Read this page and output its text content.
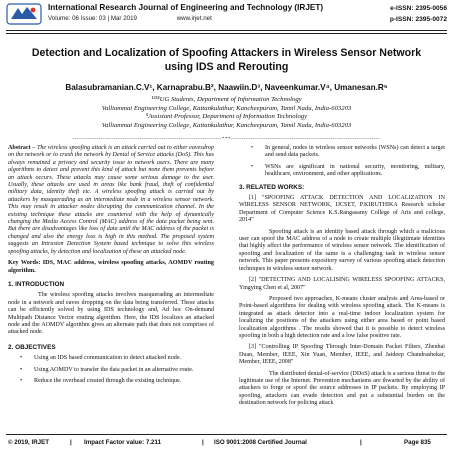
International Research Journal of Engineering and Technology (IRJET)
Volume: 06 Issue: 03 | Mar 2019	www.irjet.net
e-ISSN: 2395-0056
p-ISSN: 2395-0072
Detection and Localization of Spoofing Attackers in Wireless Sensor Network using IDS and Rerouting
Balasubramanian.C.V¹, Karnaprabu.B², Naawiin.D³, Naveenkumar.V⁴, Umanesan.R⁵
¹²³⁴UG Students, Department of Information Technology
Valliammai Engineering College, Kattankulathur, Kancheepuram, Tamil Nadu, India-603203
⁵Assistant Professor, Department of Information Technology
Valliammai Engineering College, Kattankulathur, Kancheepuram, Tamil Nadu, India-603203
---------------------------------------------------------------------***---------------------------------------------------------------------
Abstract – The wireless spoofing attack is an attack carried out to either eavesdrop on the network or to crash the network by Denial of Service attacks (DoS). This has always remained a privacy and security issue to network users. There are many algorithms to detect and prevent this kind of attack but none them prevents before an attack occurs. These attacks may cause some serious damage to the user. Usually, these attacks are used in areas like bank fraud, theft of confidential military data, identity theft etc. A wireless spoofing attack is carried out by attackers by masquerading as an intermediate node in a wireless sensor network. This may result in attacker nodes disrupting the communication channel. In the existing technique these attacks are countered with the help of dynamically changing the Media Access Control (MAC) address of the data packet being sent. But there are disadvantages like loss of data until the MAC address of the packet is changed and also the energy loss is high in this method. The proposed system suggests an Intrusion Detection System based technique to solve this wireless spoofing attacks, by detection and localization of these an attacked node.
Key Words: IDS, MAC address, wireless spoofing attacks, AOMDV routing algorithm.
1. INTRODUCTION
The wireless spoofing attacks involves masquerading an intermediate node in a network and eaves dropping on the data being transferred. These attacks can be efficiently solved by using IDS technology and, Ad hoc On-demand Multipath Distance Vector routing algorithm. Here, the IDS localizes an attacked node and the AOMDV algorithm gives an alternate path that does not comprises of attacked node.
2. OBJECTIVES
• Using an IDS based communication to detect attacked node.
• Using AOMDV to transfer the data packet in an alternative route.
• Reduce the overhead created through the existing technique.
• In general, nodes in wireless sensor networks (WSNs) can detect a target and send data packets.
• WSNs are significant in national security, monitoring, military, healthcare, environment, and other applications.
3. RELATED WORKS:
[1] "SPOOFING ATTACK DETECTION AND LOCALIZATION IN WIRELESS SENSOR NETWORK, IJCSET, P.KIRUTHIKA Research scholar Department of Computer Science K.S.Rangasamy College of Arts and college, 2014"
Spoofing attack is an identity based attack through which a malicious user can spoof the MAC address of a node to create multiple illegitimate identities that highly affect the performance of wireless sensor network. The identification of spoofing and localization of the same is a challenging task in wireless sensor network. This paper presents expository survey of various spoofing attack detection techniques in wireless sensor network.
[2] "DETECTING AND LOCALISING WIRELESS SPOOFING ATTACKS, Yingying Chen et al, 2007"
Proposed two approaches, K-means cluster analysis and Area-based or Point-based algorithms for dealing with wireless spoofing attack. The K-means is integrated as attack detector into a real-time indoor localization system for localizing the positions of the attackers using either area based or point based localization algorithms . The results showed that it is possible to detect wireless spoofing in both a high detection rate and a low false positive rate.
[3] "Controlling IP Spoofing Through Inter-Domain Packet Filters, Zhenhai Duan, Member, IEEE, Xin Yuan, Member, IEEE, and Jaideep Chandrashekar, Member, IEEE, 2008"
The distributed denial-of-service (DDoS) attack is a serious threat to the legitimate use of the Internet. Prevention mechanisms are thwarted by the ability of attackers to forge or spoof the source addresses in IP packets. By employing IP spoofing, attackers can evade detection and put a substantial burden on the destination network for policing attack
© 2019, IRJET	| Impact Factor value: 7.211	| ISO 9001:2008 Certified Journal	|	Page 835
